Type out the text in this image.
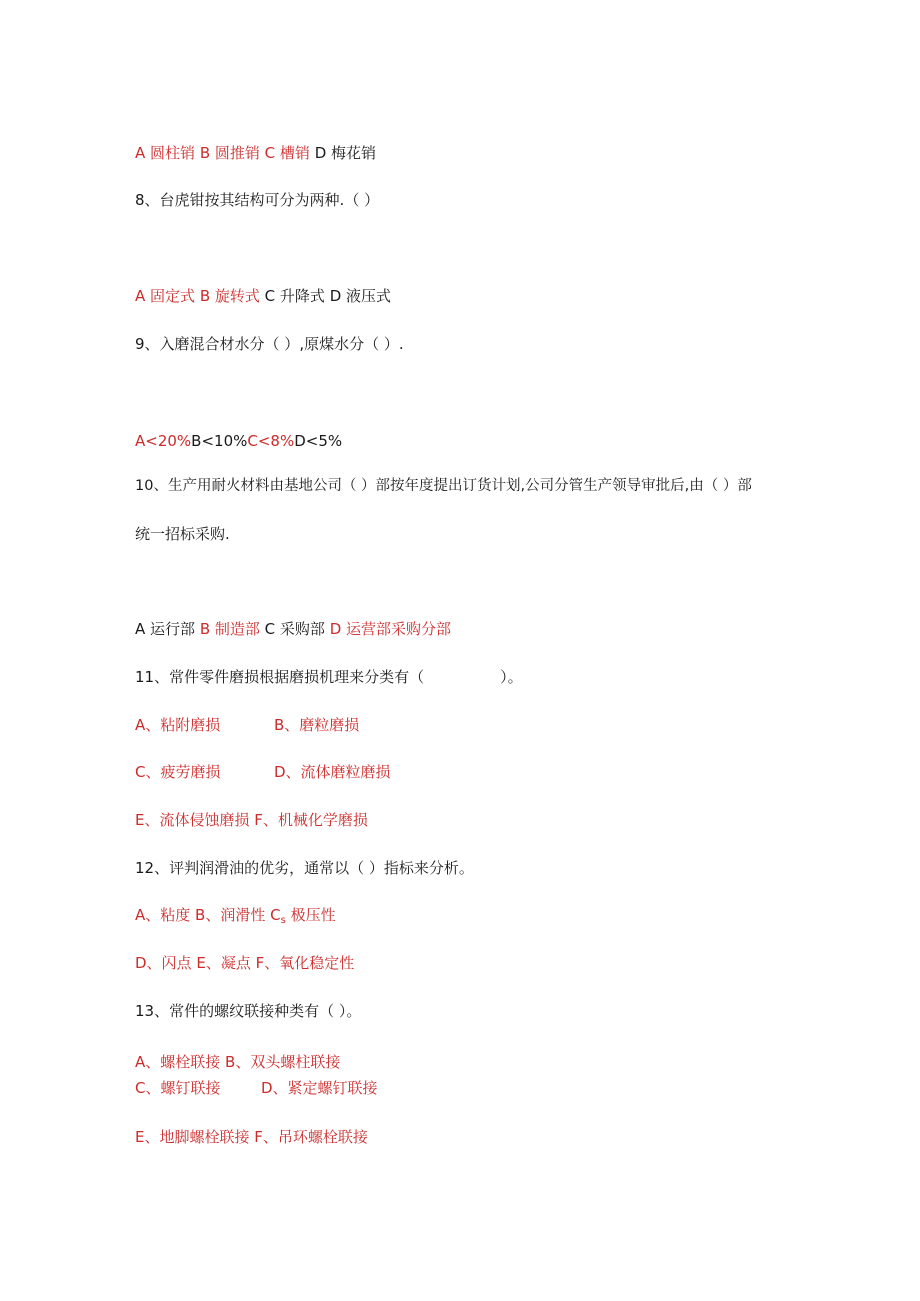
A 圆柱销 B 圆推销 C 槽销 D 梅花销
8、台虎钳按其结构可分为两种.（ ）
A 固定式 B 旋转式 C 升降式 D 液压式
9、入磨混合材水分（ ）,原煤水分（ ）.
A<20%B<10%C<8%D<5%
10、生产用耐火材料由基地公司（ ）部按年度提出订货计划,公司分管生产领导审批后,由（ ）部
统一招标采购.
A 运行部 B 制造部 C 采购部 D 运营部采购分部
11、常件零件磨损根据磨损机理来分类有（	）。
A、粘附磨损	B、磨粒磨损
C、疲劳磨损	D、流体磨粒磨损
E、流体侵蚀磨损 F、机械化学磨损
12、评判润滑油的优劣，通常以（ ）指标来分析。
A、粘度 B、润滑性 $C_s$ 极压性
D、闪点 E、凝点 F、氧化稳定性
13、常件的螺纹联接种类有（ ）。
A、螺栓联接 B、双头螺柱联接
C、螺钉联接	D、紧定螺钉联接
E、地脚螺栓联接 F、吊环螺栓联接
